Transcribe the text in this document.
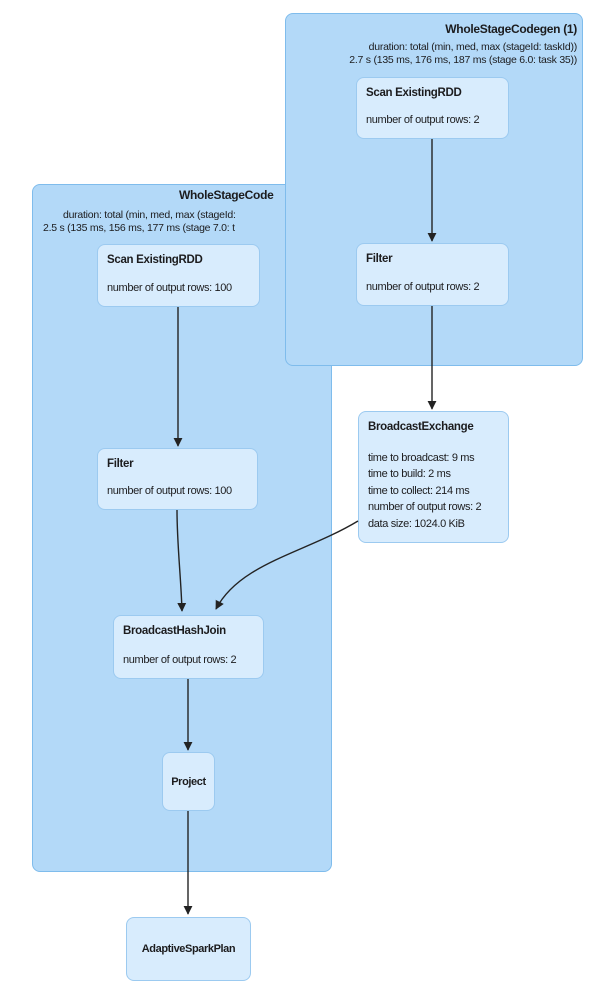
WholeStageCode
duration: total (min, med, max (stageId:
2.5 s (135 ms, 156 ms, 177 ms (stage 7.0: t
WholeStageCodegen (1)
duration: total (min, med, max (stageId: taskId))
2.7 s (135 ms, 176 ms, 187 ms (stage 6.0: task 35))
Scan ExistingRDD
number of output rows: 2
Filter
number of output rows: 2
Scan ExistingRDD
number of output rows: 100
Filter
number of output rows: 100
BroadcastExchange
time to broadcast: 9 ms
time to build: 2 ms
time to collect: 214 ms
number of output rows: 2
data size: 1024.0 KiB
BroadcastHashJoin
number of output rows: 2
Project
AdaptiveSparkPlan
